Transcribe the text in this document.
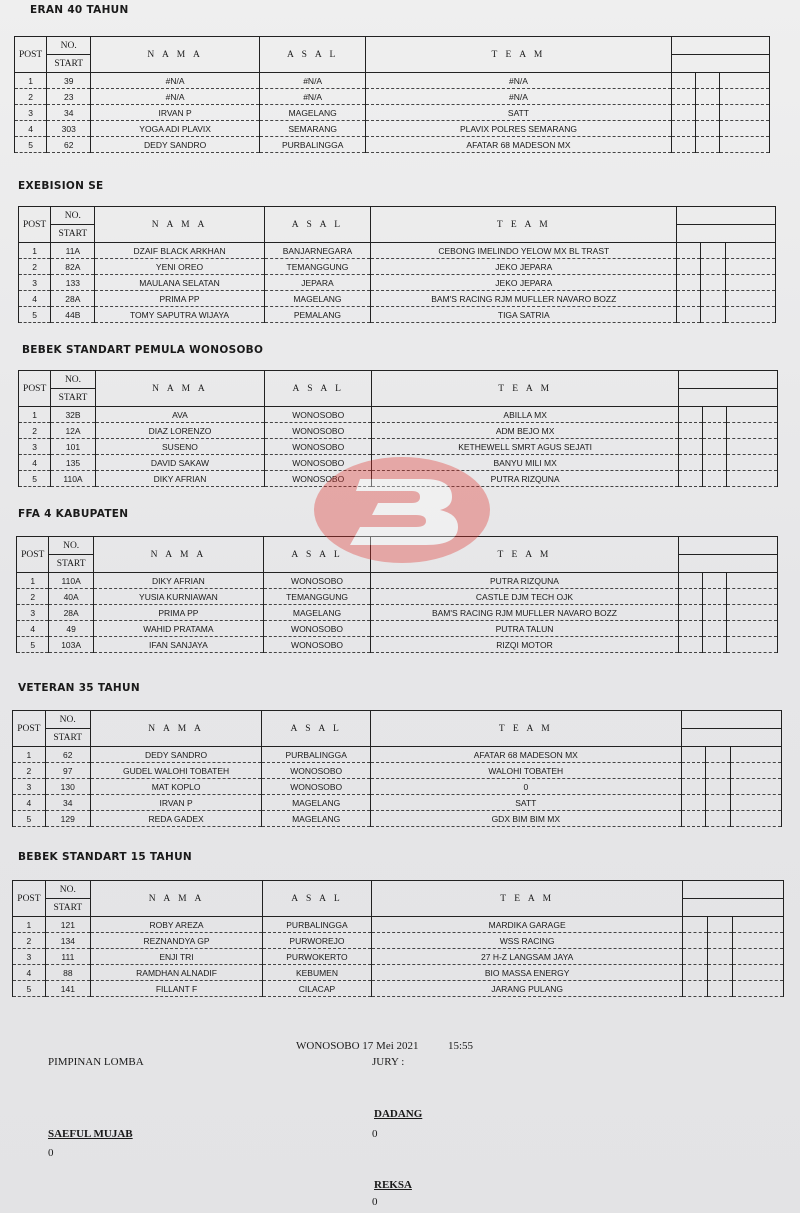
ERAN 40 TAHUN
EXEBISION SE
BEBEK STANDART PEMULA WONOSOBO
FFA 4 KABUPATEN
VETERAN 35 TAHUN
BEBEK STANDART 15 TAHUN
POST	NO.	N A M A	A S A L	T E A M			
	START						
1	39	#N/A	#N/A	#N/A			
2	23	#N/A	#N/A	#N/A			
3	34	IRVAN P	MAGELANG	SATT			
4	303	YOGA ADI PLAVIX	SEMARANG	PLAVIX POLRES SEMARANG			
5	62	DEDY SANDRO	PURBALINGGA	AFATAR 68 MADESON MX			
POST	NO.	N A M A	A S A L	T E A M			
	START						
1	11A	DZAIF BLACK ARKHAN	BANJARNEGARA	CEBONG IMELINDO YELOW MX BL TRAST			
2	82A	YENI OREO	TEMANGGUNG	JEKO JEPARA			
3	133	MAULANA SELATAN	JEPARA	JEKO JEPARA			
4	28A	PRIMA PP	MAGELANG	BAM'S RACING RJM MUFLLER NAVARO BOZZ			
5	44B	TOMY SAPUTRA WIJAYA	PEMALANG	TIGA SATRIA			
POST	NO.	N A M A	A S A L	T E A M			
	START						
1	32B	AVA	WONOSOBO	ABILLA MX			
2	12A	DIAZ LORENZO	WONOSOBO	ADM BEJO MX			
3	101	SUSENO	WONOSOBO	KETHEWELL SMRT AGUS SEJATI			
4	135	DAVID SAKAW	WONOSOBO	BANYU MILI MX			
5	110A	DIKY AFRIAN	WONOSOBO	PUTRA RIZQUNA			
POST	NO.	N A M A	A S A L	T E A M			
	START						
1	110A	DIKY AFRIAN	WONOSOBO	PUTRA RIZQUNA			
2	40A	YUSIA KURNIAWAN	TEMANGGUNG	CASTLE DJM TECH OJK			
3	28A	PRIMA PP	MAGELANG	BAM'S RACING RJM MUFLLER NAVARO BOZZ			
4	49	WAHID PRATAMA	WONOSOBO	PUTRA TALUN			
5	103A	IFAN SANJAYA	WONOSOBO	RIZQI MOTOR			
POST	NO.	N A M A	A S A L	T E A M			
	START						
1	62	DEDY SANDRO	PURBALINGGA	AFATAR 68 MADESON MX			
2	97	GUDEL WALOHI TOBATEH	WONOSOBO	WALOHI TOBATEH			
3	130	MAT KOPLO	WONOSOBO	0			
4	34	IRVAN P	MAGELANG	SATT			
5	129	REDA GADEX	MAGELANG	GDX BIM BIM MX			
POST	NO.	N A M A	A S A L	T E A M			
	START						
1	121	ROBY AREZA	PURBALINGGA	MARDIKA GARAGE			
2	134	REZNANDYA GP	PURWOREJO	WSS RACING			
3	111	ENJI TRI	PURWOKERTO	27 H-Z LANGSAM JAYA			
4	88	RAMDHAN ALNADIF	KEBUMEN	BIO MASSA ENERGY			
5	141	FILLANT F	CILACAP	JARANG PULANG			
WONOSOBO 17 Mei 2021	15:55
PIMPINAN LOMBA	JURY :
DADANG
0
SAEFUL MUJAB
0
REKSA
0
